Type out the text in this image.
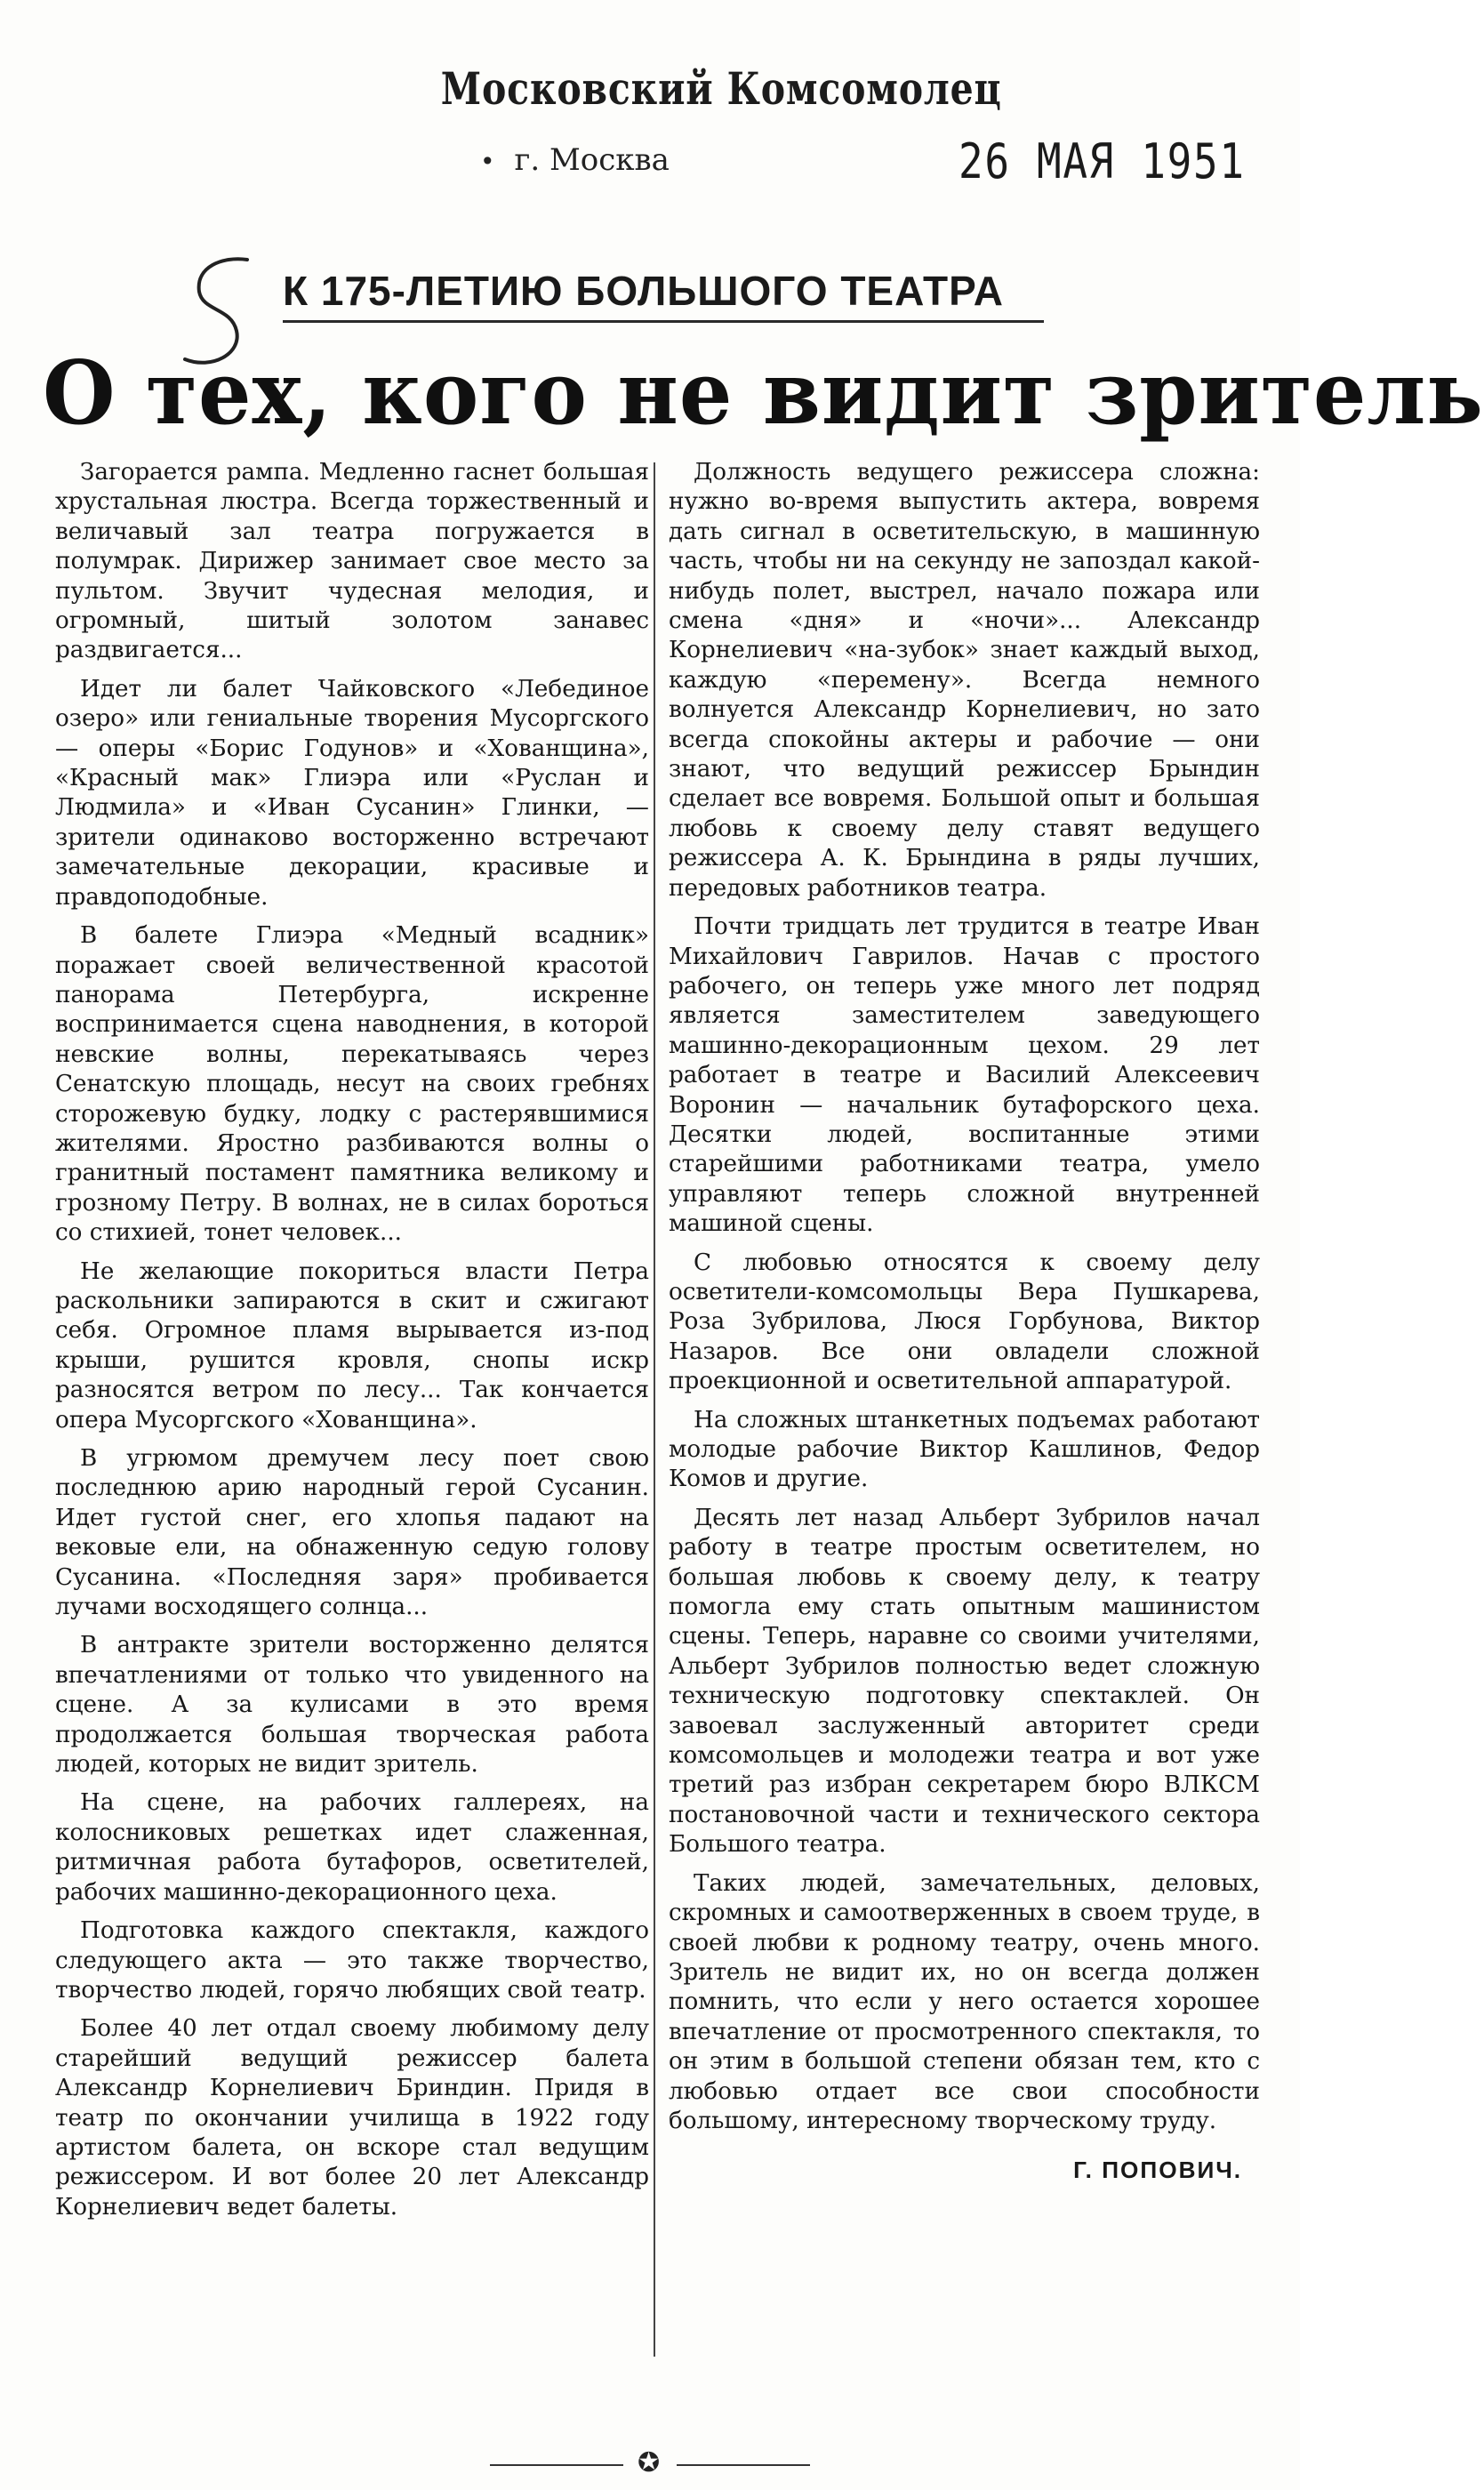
Московский Комсомолец
• г. Москва	26 МАЯ 1951
К 175-ЛЕТИЮ БОЛЬШОГО ТЕАТРА
О тех, кого не видит зритель

Загорается рампа. Медленно гаснет большая хрустальная люстра. Всегда торжественный и величавый зал театра погружается в полумрак. Дирижер занимает свое место за пультом. Звучит чудесная мелодия, и огромный, шитый золотом занавес раздвигается...

Идет ли балет Чайковского «Лебединое озеро» или гениальные творения Мусоргского — оперы «Борис Годунов» и «Хованщина», «Красный мак» Глиэра или «Руслан и Людмила» и «Иван Сусанин» Глинки, — зрители одинаково восторженно встречают замечательные декорации, красивые и правдоподобные.

В балете Глиэра «Медный всадник» поражает своей величественной красотой панорама Петербурга, искренне воспринимается сцена наводнения, в которой невские волны, перекатываясь через Сенатскую площадь, несут на своих гребнях сторожевую будку, лодку с растерявшимися жителями. Яростно разбиваются волны о гранитный постамент памятника великому и грозному Петру. В волнах, не в силах бороться со стихией, тонет человек...

Не желающие покориться власти Петра раскольники запираются в скит и сжигают себя. Огромное пламя вырывается из-под крыши, рушится кровля, снопы искр разносятся ветром по лесу... Так кончается опера Мусоргского «Хованщина».

В угрюмом дремучем лесу поет свою последнюю арию народный герой Сусанин. Идет густой снег, его хлопья падают на вековые ели, на обнаженную седую голову Сусанина. «Последняя заря» пробивается лучами восходящего солнца...

В антракте зрители восторженно делятся впечатлениями от только что увиденного на сцене. А за кулисами в это время продолжается большая творческая работа людей, которых не видит зритель.

На сцене, на рабочих галлереях, на колосниковых решетках идет слаженная, ритмичная работа бутафоров, осветителей, рабочих машинно-декорационного цеха.

Подготовка каждого спектакля, каждого следующего акта — это также творчество, творчество людей, горячо любящих свой театр.

Более 40 лет отдал своему любимому делу старейший ведущий режиссер балета Александр Корнелиевич Бриндин. Придя в театр по окончании училища в 1922 году артистом балета, он вскоре стал ведущим режиссером. И вот более 20 лет Александр Корнелиевич ведет балеты.

Должность ведущего режиссера сложна: нужно во-время выпустить актера, вовремя дать сигнал в осветительскую, в машинную часть, чтобы ни на секунду не запоздал какой-нибудь полет, выстрел, начало пожара или смена «дня» и «ночи»... Александр Корнелиевич «на-зубок» знает каждый выход, каждую «перемену». Всегда немного волнуется Александр Корнелиевич, но зато всегда спокойны актеры и рабочие — они знают, что ведущий режиссер Брындин сделает все вовремя. Большой опыт и большая любовь к своему делу ставят ведущего режиссера А. К. Брындина в ряды лучших, передовых работников театра.

Почти тридцать лет трудится в театре Иван Михайлович Гаврилов. Начав с простого рабочего, он теперь уже много лет подряд является заместителем заведующего машинно-декорационным цехом. 29 лет работает в театре и Василий Алексеевич Воронин — начальник бутафорского цеха. Десятки людей, воспитанные этими старейшими работниками театра, умело управляют теперь сложной внутренней машиной сцены.

С любовью относятся к своему делу осветители-комсомольцы Вера Пушкарева, Роза Зубрилова, Люся Горбунова, Виктор Назаров. Все они овладели сложной проекционной и осветительной аппаратурой.

На сложных штанкетных подъемах работают молодые рабочие Виктор Кашлинов, Федор Комов и другие.

Десять лет назад Альберт Зубрилов начал работу в театре простым осветителем, но большая любовь к своему делу, к театру помогла ему стать опытным машинистом сцены. Теперь, наравне со своими учителями, Альберт Зубрилов полностью ведет сложную техническую подготовку спектаклей. Он завоевал заслуженный авторитет среди комсомольцев и молодежи театра и вот уже третий раз избран секретарем бюро ВЛКСМ постановочной части и технического сектора Большого театра.

Таких людей, замечательных, деловых, скромных и самоотверженных в своем труде, в своей любви к родному театру, очень много. Зритель не видит их, но он всегда должен помнить, что если у него остается хорошее впечатление от просмотренного спектакля, то он этим в большой степени обязан тем, кто с любовью отдает все свои способности большому, интересному творческому труду.

Г. ПОПОВИЧ.

✪
